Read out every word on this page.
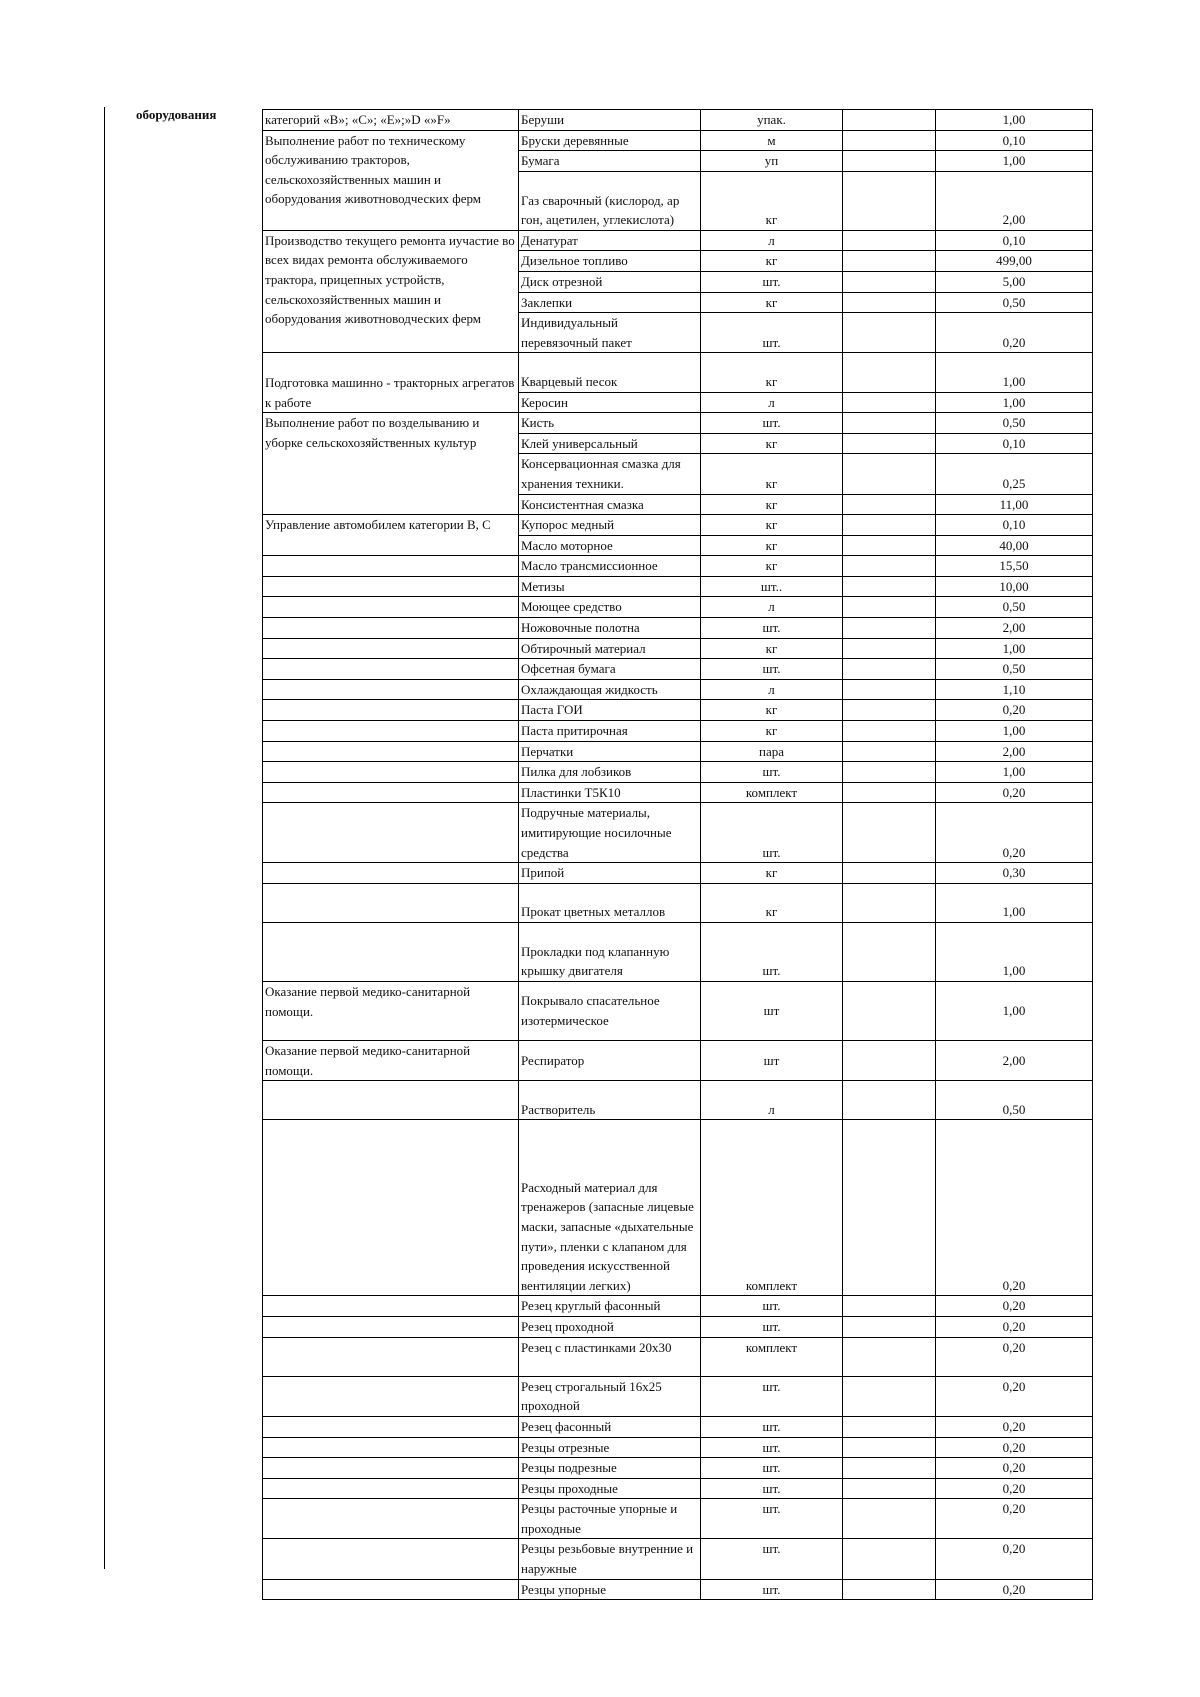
оборудования	категорий «B»; «C»; «E»;»D «»F»	Беруши	упак.		1,00
Выполнение работ по техническому обслуживанию тракторов, сельскохозяйственных машин и оборудования животноводческих ферм	Бруски деревянные	м		0,10
	Бумага	уп		1,00
	Газ сварочный (кислород, ар гон, ацетилен, углекислота)	кг		2,00
Производство текущего ремонта иучастие во всех видах ремонта обслуживаемого трактора, прицепных устройств, сельскохозяйственных машин и оборудования животноводческих ферм	Денатурат	л		0,10
	Дизельное топливо	кг		499,00
	Диск отрезной	шт.		5,00
	Заклепки	кг		0,50
	Индивидуальный перевязочный пакет	шт.		0,20
Подготовка машинно - тракторных агрегатов к работе	Кварцевый песок	кг		1,00
	Керосин	л		1,00
Выполнение работ по возделыванию и уборке сельскохозяйственных культур	Кисть	шт.		0,50
	Клей универсальный	кг		0,10
	Консервационная смазка для хранения техники.	кг		0,25
	Консистентная смазка	кг		11,00
Управление автомобилем категории В, С	Купорос медный	кг		0,10
	Масло моторное	кг		40,00
	Масло трансмиссионное	кг		15,50
	Метизы	шт..		10,00
	Моющее средство	л		0,50
	Ножовочные полотна	шт.		2,00
	Обтирочный материал	кг		1,00
	Офсетная бумага	шт.		0,50
	Охлаждающая жидкость	л		1,10
	Паста ГОИ	кг		0,20
	Паста притирочная	кг		1,00
	Перчатки	пара		2,00
	Пилка для лобзиков	шт.		1,00
	Пластинки Т5К10	комплект		0,20
	Подручные материалы, имитирующие носилочные средства	шт.		0,20
	Припой	кг		0,30
	Прокат цветных металлов	кг		1,00
	Прокладки под клапанную крышку двигателя	шт.		1,00
Оказание первой медико-санитарной помощи.	Покрывало спасательное изотермическое	шт		1,00
Оказание первой медико-санитарной помощи.	Респиратор	шт		2,00
	Растворитель	л		0,50
	Расходный материал для тренажеров (запасные лицевые маски, запасные «дыхательные пути», пленки с клапаном для проведения искусственной вентиляции легких)	комплект		0,20
	Резец круглый фасонный	шт.		0,20
	Резец проходной	шт.		0,20
	Резец с пластинками 20х30	комплект		0,20
	Резец строгальный 16х25 проходной	шт.		0,20
	Резец фасонный	шт.		0,20
	Резцы отрезные	шт.		0,20
	Резцы подрезные	шт.		0,20
	Резцы проходные	шт.		0,20
	Резцы расточные упорные и проходные	шт.		0,20
	Резцы резьбовые внутренние и наружные	шт.		0,20
	Резцы упорные	шт.		0,20
